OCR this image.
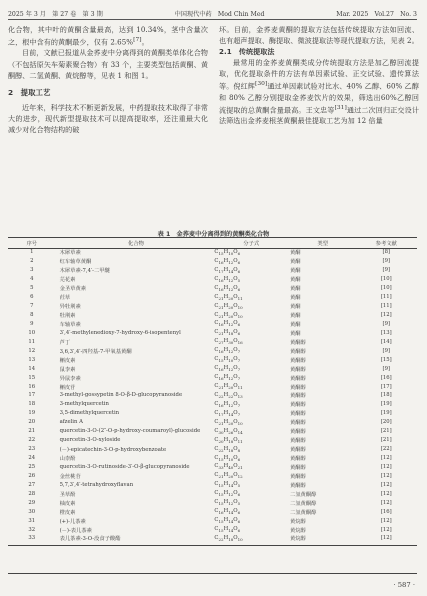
2025 年 3 月　第 27 卷　第 3 期	中国现代中药　Mod Chin Med	Mar. 2025　Vol.27　No. 3

化合物，其中叶的黄酮含量最高，达到 10.34%，茎中含量次之，根中含有的黄酮最少，仅有 2.65%[7]。

目前，文献已报道从金荞麦中分离得到的黄酮类单体化合物（不包括原矢车菊素聚合物）有 33 个，主要类型包括黄酮、黄酮醇、二氢黄酮、黄烷醇等，见表 1 和图 1。

2　提取工艺

近年来，科学技术不断更新发展，中药提取技术取得了非常大的进步，现代新型提取技术可以提高提取率，还注重最大化减少对化合物结构的破

坏。目前，金荞麦黄酮的提取方法包括传统提取方法如回流、也有超声提取、酶提取、微波提取法等现代提取方法，见表 2。

2.1　传统提取法

最常用的金荞麦黄酮类成分传统提取方法是加乙醇回流提取，优化提取条件的方法有单因素试验、正交试验、遗传算法等。倪红辉[30]通过单因素试验对比水、40% 乙醇、60% 乙醇和 80% 乙醇分别提取金荞麦饮片的效果，筛选出60%乙醇回流提取的总黄酮含量最高。王文忠等[31]通过二次回归正交设计法筛选出金荞麦根茎黄酮最佳提取工艺为加 12 倍量

表 1　金荞麦中分离得到的黄酮类化合物
序号	化合物	分子式	类型	参考文献
1	木犀草素	$C_{15}H_{10}O_6$	黄酮	[8]
2	红车轴草黄酮	$C_{16}H_{12}O_6$	黄酮	[9]
3	木犀草素-7,4′-二甲醚	$C_{17}H_{14}O_6$	黄酮	[9]
4	芫花素	$C_{16}H_{12}O_5$	黄酮	[10]
5	金圣草黄素	$C_{16}H_{12}O_6$	黄酮	[10]
6	荭草	$C_{21}H_{20}O_{11}$	黄酮	[11]
7	异牡荆素	$C_{21}H_{20}O_{10}$	黄酮	[11]
8	牡荆素	$C_{21}H_{20}O_{10}$	黄酮	[12]
9	车轴草素	$C_{16}H_{12}O_6$	黄酮	[9]
10	3′,4′-methylenedioxy-7-hydroxy-6-isopentenyl	$C_{21}H_{18}O_6$	黄酮	[13]
11	芦丁	$C_{27}H_{30}O_{16}$	黄酮醇	[14]
12	3,6,3′,4′-四羟基-7-甲氧基黄酮	$C_{16}H_{12}O_7$	黄酮醇	[9]
13	槲皮素	$C_{15}H_{10}O_7$	黄酮醇	[15]
14	鼠李素	$C_{16}H_{12}O_7$	黄酮醇	[9]
15	异鼠李素	$C_{16}H_{12}O_7$	黄酮醇	[16]
16	槲皮苷	$C_{21}H_{20}O_{11}$	黄酮醇	[17]
17	3-methyl-gossypetin 8-O-β-D-glucopyranoside	$C_{22}H_{22}O_{13}$	黄酮醇	[18]
18	3-methylquercetin	$C_{16}H_{12}O_7$	黄酮醇	[19]
19	3,5-dimethylquercetin	$C_{17}H_{14}O_7$	黄酮醇	[19]
20	afzelin A	$C_{21}H_{20}O_{10}$	黄酮醇	[20]
21	quercetin-3-O-(2″-O-p-hydroxy-coumaroyl)-glucoside	$C_{30}H_{26}O_{14}$	黄酮醇	[21]
22	quercetin-3-O-xyloside	$C_{20}H_{18}O_{11}$	黄酮醇	[21]
23	(－)-epicatechin-3-O-p-hydroxybenzoate	$C_{22}H_{18}O_8$	黄酮醇	[22]
24	山柰酚	$C_{15}H_{10}O_6$	黄酮醇	[12]
25	quercetin-3-O-rutinoside-3′-O-β-glucopyranoside	$C_{33}H_{40}O_{21}$	黄酮醇	[12]
26	金丝桃苷	$C_{21}H_{20}O_{12}$	黄酮醇	[12]
27	5,7,3′,4′-tetrahydroxyflavan	$C_{15}H_{14}O_5$	黄酮醇	[12]
28	圣草酚	$C_{15}H_{12}O_6$	二氢黄酮醇	[12]
29	柚皮素	$C_{15}H_{12}O_5$	二氢黄酮醇	[12]
30	橙皮素	$C_{16}H_{14}O_6$	二氢黄酮醇	[16]
31	(+)-儿茶素	$C_{15}H_{14}O_6$	黄烷醇	[12]
32	(－)-表儿茶素	$C_{15}H_{14}O_6$	黄烷醇	[12]
33	表儿茶素-3-O-没食子酸酯	$C_{22}H_{18}O_{10}$	黄烷醇	[12]
· 587 ·
